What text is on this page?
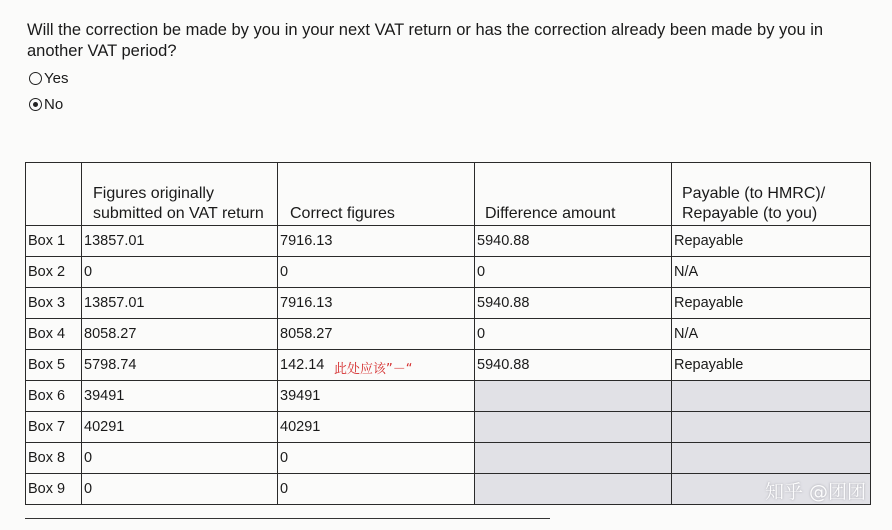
Will the correction be made by you in your next VAT return or has the correction already been made by you in another VAT period?
Yes
No
	Figures originally submitted on VAT return	Correct figures	Difference amount	Payable (to HMRC)/ Repayable (to you)
Box 1	13857.01	7916.13	5940.88	Repayable
Box 2	0	0	0	N/A
Box 3	13857.01	7916.13	5940.88	Repayable
Box 4	8058.27	8058.27	0	N/A
Box 5	5798.74	142.14 此处应该”－“	5940.88	Repayable
Box 6	39491	39491		
Box 7	40291	40291		
Box 8	0	0		
Box 9	0	0			知乎 @团团
